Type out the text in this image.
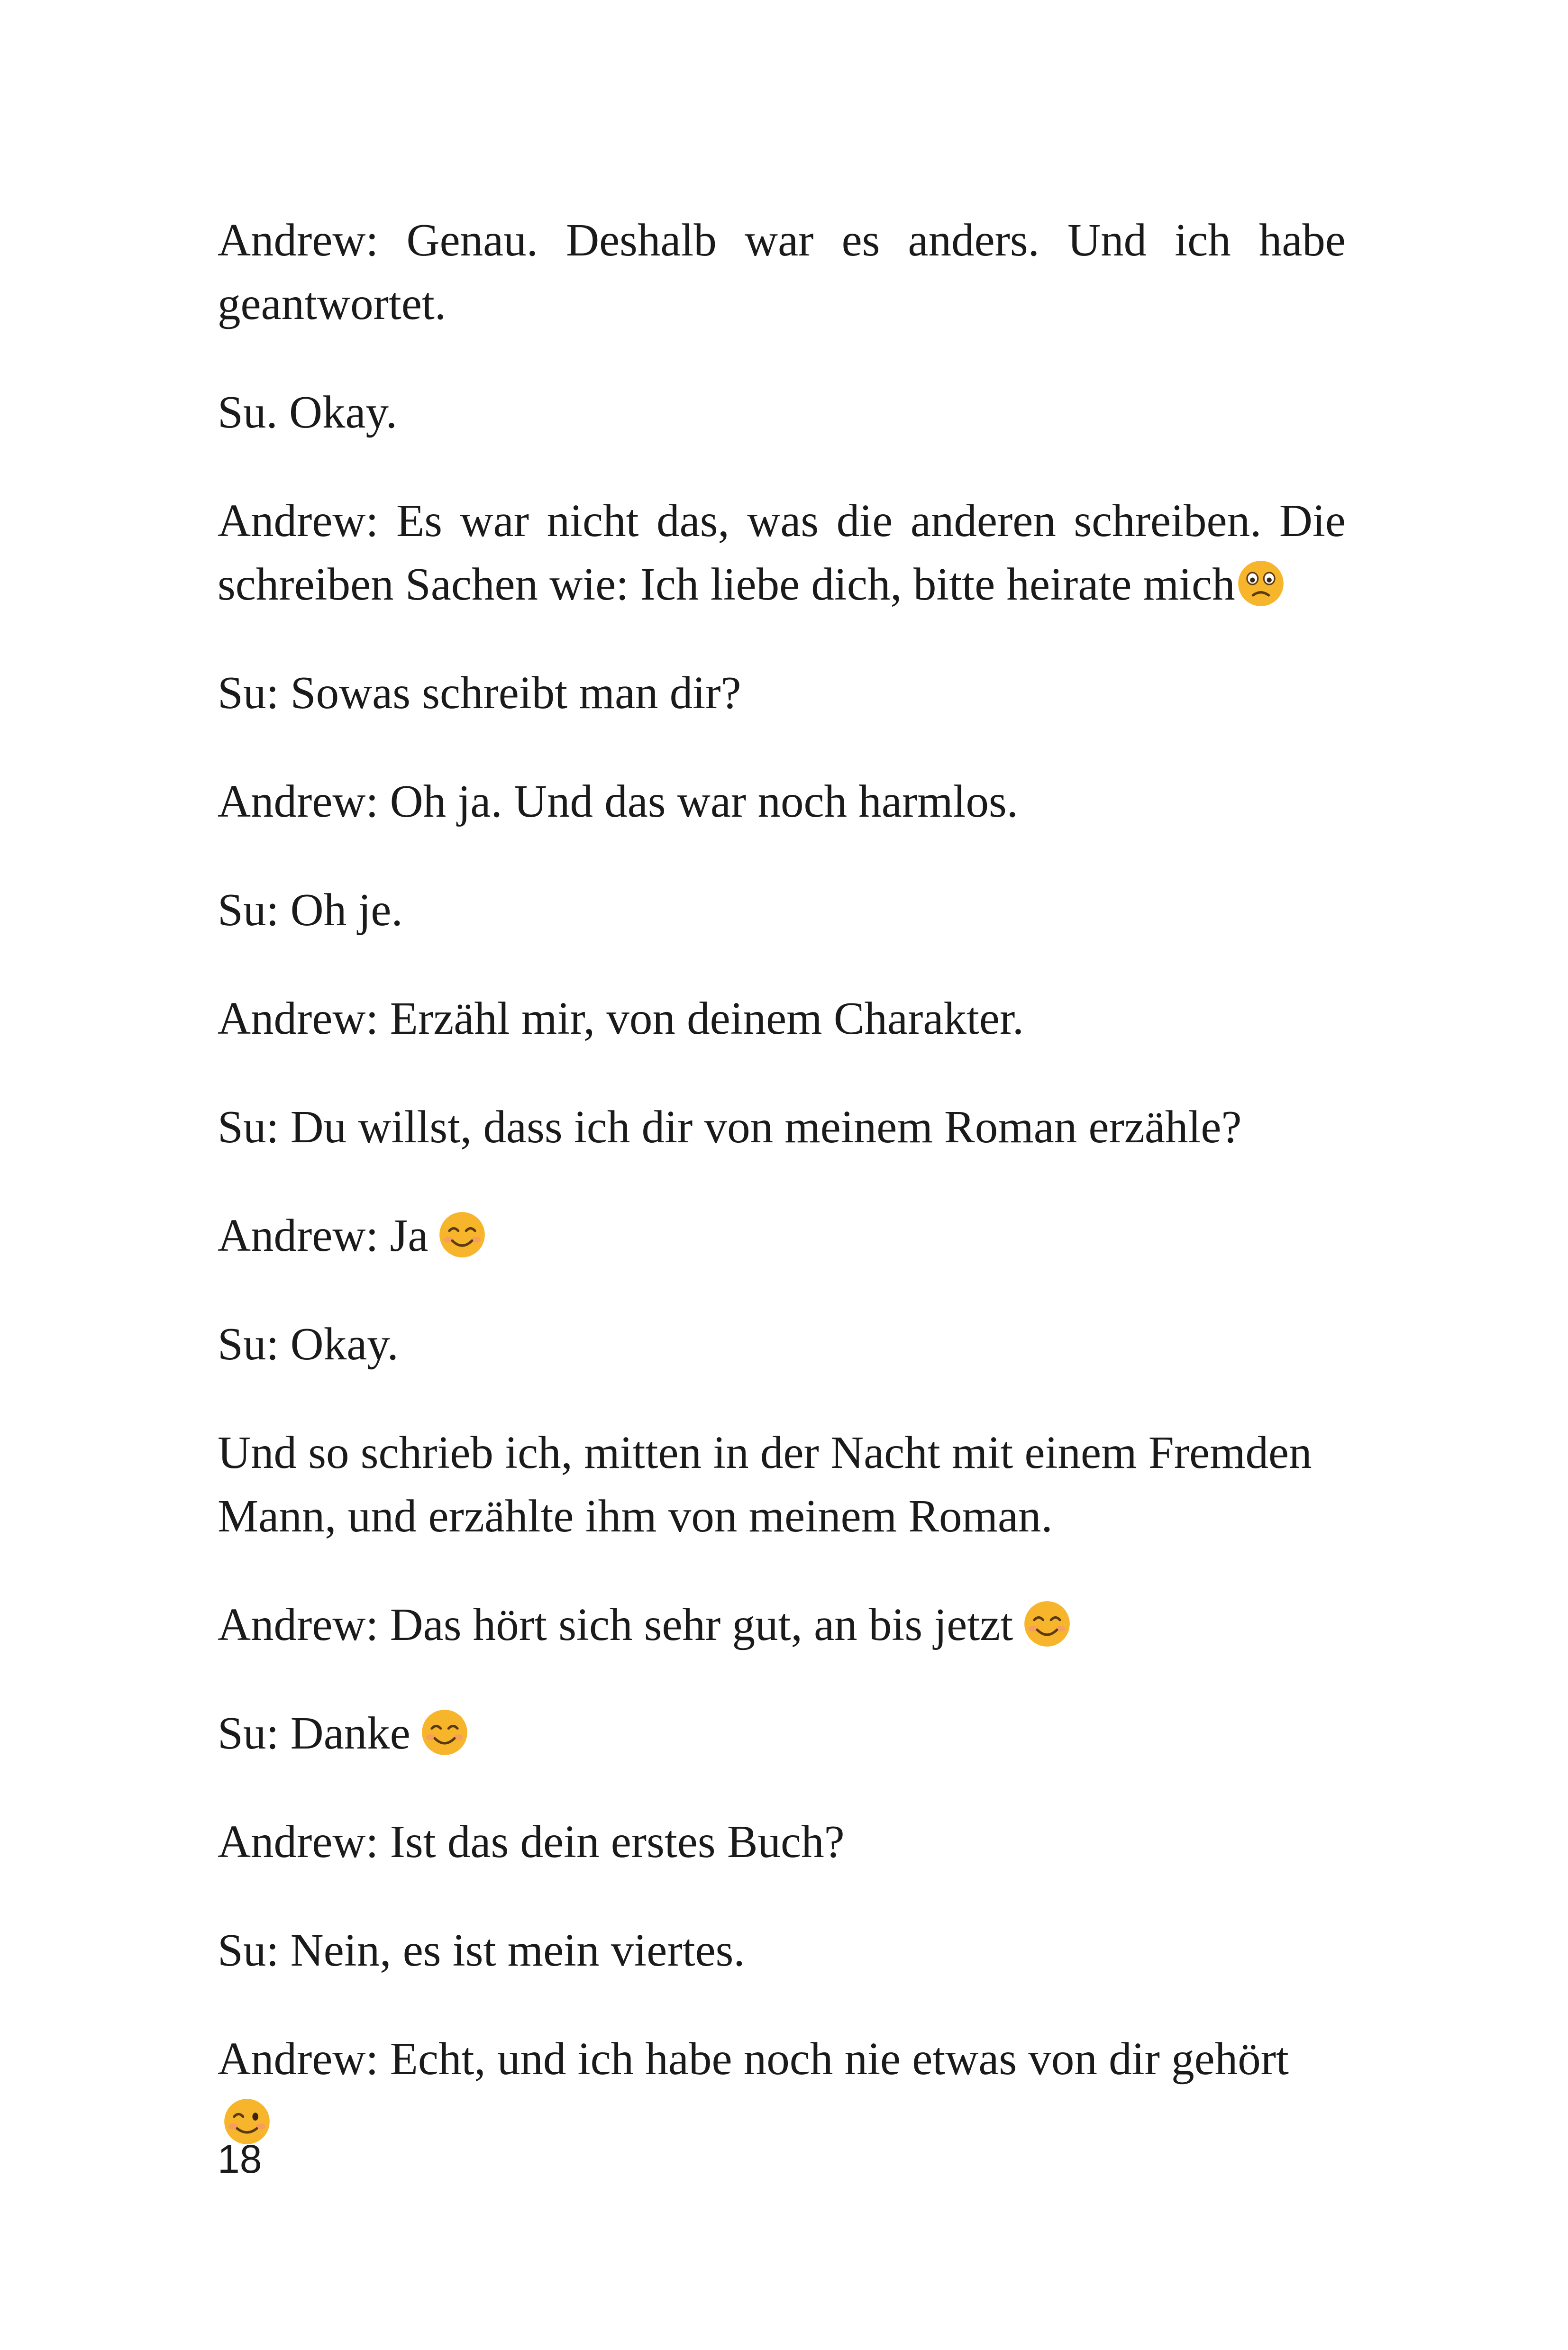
Andrew: Genau. Deshalb war es anders. Und ich habe geantwortet.

Su. Okay.

Andrew: Es war nicht das, was die anderen schreiben. Die schreiben Sachen wie: Ich liebe dich, bitte heirate mich

Su: Sowas schreibt man dir?

Andrew: Oh ja. Und das war noch harmlos.

Su: Oh je.

Andrew: Erzähl mir, von deinem Charakter.

Su: Du willst, dass ich dir von meinem Roman erzähle?

Andrew: Ja

Su: Okay.

Und so schrieb ich, mitten in der Nacht mit einem Fremden Mann, und erzählte ihm von meinem Roman.

Andrew: Das hört sich sehr gut, an bis jetzt

Su: Danke

Andrew: Ist das dein erstes Buch?

Su: Nein, es ist mein viertes.

Andrew: Echt, und ich habe noch nie etwas von dir gehört

18
